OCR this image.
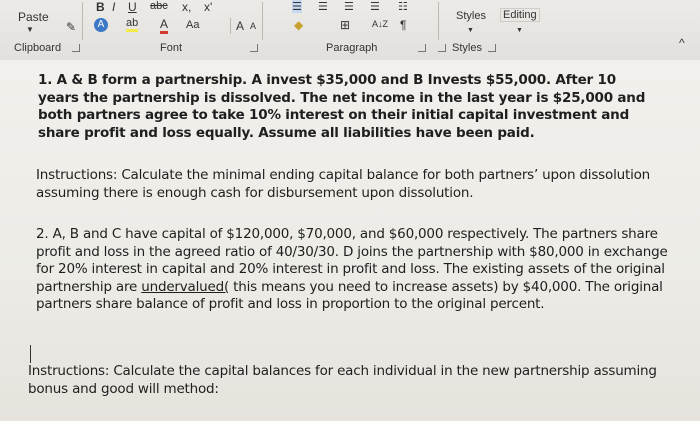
Paste
▼	✎
Clipboard
B I U abc x, x'
A	ab A Aa	A A
Font
☰ ☰ ☰ ☰ ☷
◆	⊞ A↓Z ¶
Paragraph
Styles
▼
Editing
▼
Styles	^
1. A & B form a partnership. A invest $35,000 and B Invests $55,000. After 10 years the partnership is dissolved. The net income in the last year is $25,000 and both partners agree to take 10% interest on their initial capital investment and share profit and loss equally. Assume all liabilities have been paid.
Instructions: Calculate the minimal ending capital balance for both partners’ upon dissolution assuming there is enough cash for disbursement upon dissolution.
2. A, B and C have capital of $120,000, $70,000, and $60,000 respectively. The partners share profit and loss in the agreed ratio of 40/30/30. D joins the partnership with $80,000 in exchange for 20% interest in capital and 20% interest in profit and loss. The existing assets of the original partnership are undervalued( this means you need to increase assets) by $40,000. The original partners share balance of profit and loss in proportion to the original percent.
Instructions: Calculate the capital balances for each individual in the new partnership assuming bonus and good will method:
